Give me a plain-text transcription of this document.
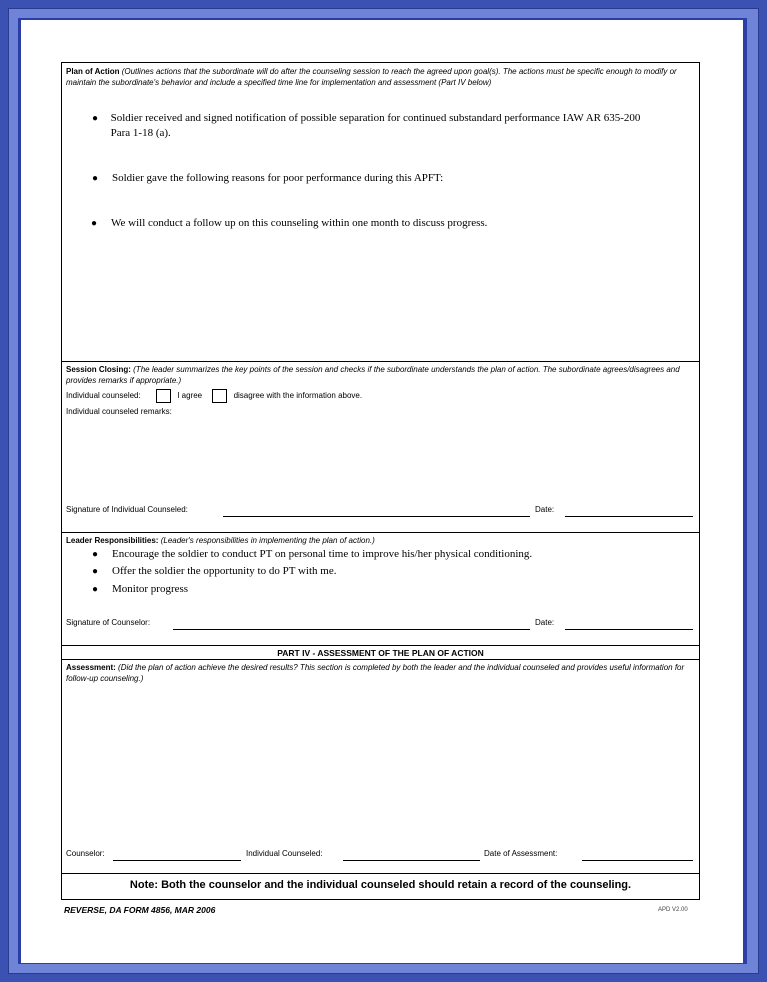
Plan of Action (Outlines actions that the subordinate will do after the counseling session to reach the agreed upon goal(s). The actions must be specific enough to modify or maintain the subordinate's behavior and include a specified time line for implementation and assessment (Part IV below)
●	Soldier received and signed notification of possible separation for continued substandard performance IAW AR 635-200 Para 1-18 (a).
●	Soldier gave the following reasons for poor performance during this APFT:
●	We will conduct a follow up on this counseling within one month to discuss progress.
Session Closing: (The leader summarizes the key points of the session and checks if the subordinate understands the plan of action. The subordinate agrees/disagrees and provides remarks if appropriate.)
Individual counseled:	I agree	disagree with the information above.
Individual counseled remarks:
Signature of Individual Counseled:	Date:
Leader Responsibilities: (Leader's responsibilities in implementing the plan of action.)
●	Encourage the soldier to conduct PT on personal time to improve his/her physical conditioning.
●	Offer the soldier the opportunity to do PT with me.
●	Monitor progress
Signature of Counselor:	Date:
PART IV - ASSESSMENT OF THE PLAN OF ACTION
Assessment: (Did the plan of action achieve the desired results? This section is completed by both the leader and the individual counseled and provides useful information for follow-up counseling.)
Counselor:	Individual Counseled:	Date of Assessment:
Note: Both the counselor and the individual counseled should retain a record of the counseling.
REVERSE, DA FORM 4856, MAR 2006	APD V2.00
